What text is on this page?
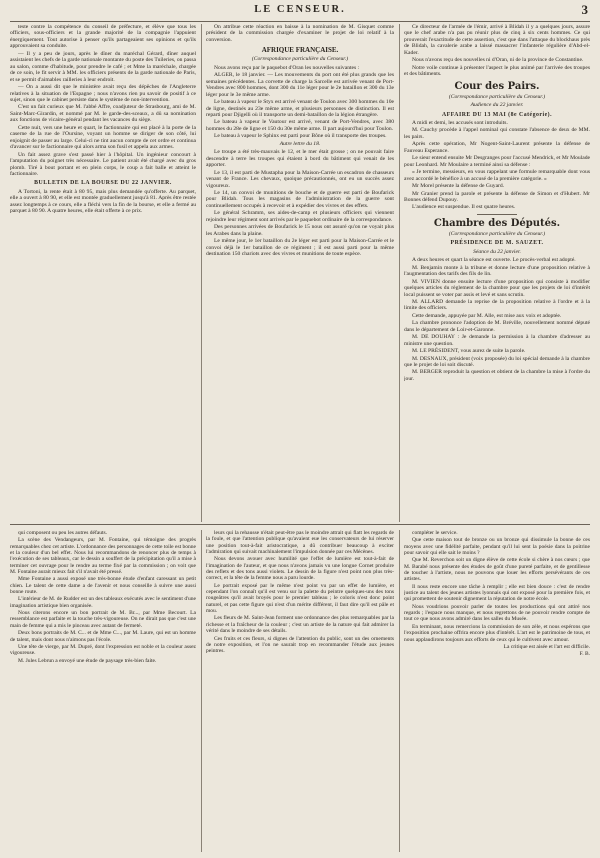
LE CENSEUR.	3

teste contre la compétence du conseil de préfecture, et élève que tous les officiers, sous-officiers et la grande majorité de la compagnie l'appuient énergiquement. Tout autorise à penser qu'ils partageaient ses opinions et qu'ils approuvaient sa conduite.

— Il y a peu de jours, après le dîner du maréchal Gérard, dîner auquel assistaient les chefs de la garde nationale montante du poste des Tuileries, on passa au salon, comme d'habitude, pour prendre le café ; et Mme la maréchale, chargée de ce soin, le fit servir à MM. les officiers présents de la garde nationale de Paris, et se permit d'aimables railleries à leur endroit.

— On a aussi dit que le ministère avait reçu des dépêches de l'Angleterre relatives à la situation de l'Espagne ; nous n'avons rien pu savoir de positif à ce sujet, sinon que le cabinet persiste dans le système de non-intervention.

C'est un fait curieux que M. l'abbé Affre, coadjuteur de Strasbourg, ami de M. Saint-Marc-Girardin, et nommé par M. le garde-des-sceaux, a dû sa nomination aux fonctions de vicaire-général pendant les vacances du siège.

Cette nuit, vers une heure et quart, le factionnaire qui est placé à la porte de la caserne de la rue de l'Oursine, voyant un homme se diriger de son côté, lui enjoignit de passer au large. Celui-ci ne tint aucun compte de cet ordre et continua d'avancer sur le factionnaire qui alors arma son fusil et appela aux armes.

Un fait assez grave s'est passé hier à l'hôpital. Un ingénieur concourt à l'amputation du poignet très nécessaire. Le patient avait été chargé avec du gros plomb. Tiré à bout portant et en plein corps, le coup a fait balle et atteint le factionnaire.

BULLETIN DE LA BOURSE DU 22 JANVIER.

A Tortoni, la rente était à 80 95, mais plus demandée qu'offerte. Au parquet, elle a ouvert à 80 90, et elle est montée graduellement jusqu'à 81. Après être restée assez longtemps à ce cours, elle a fléchi vers la fin de la bourse, et elle a fermé au parquet à 80 90. A quatre heures, elle était offerte à ce prix.

On attribue cette réaction en baisse à la nomination de M. Gisquet comme président de la commission chargée d'examiner le projet de loi relatif à la conversion.

AFRIQUE FRANÇAISE.
(Correspondance particulière du Censeur.)

Nous avons reçu par le paquebot d'Oran les nouvelles suivantes :

ALGER, le 18 janvier. — Les mouvements du port ont été plus grands que les semaines précédentes. La corvette de charge la Sarcelle est arrivée venant de Port-Vendres avec 800 hommes, dont 300 du 11e léger pour le 2e bataillon et 300 du 13e léger pour le 3e même arme.

Le bateau à vapeur le Styx est arrivé venant de Toulon avec 300 hommes du 10e de ligne, destinés au 23e même arme, et plusieurs personnes de distinction. Il est reparti pour Djigelli où il transporte un demi-bataillon de la légion étrangère.

Le bateau à vapeur le Vautour est arrivé, venant de Port-Vendres, avec 380 hommes du 28e de ligne et 150 du 30e même arme. Il part aujourd'hui pour Toulon.

Le bateau à vapeur le Sphinx est parti pour Bône où il transporte des troupes.

Autre lettre du 18.

Le troupe a été très-mauvais le 12, et le mer était grosse ; on ne pouvait faire descendre à terre les troupes qui étaient à bord du bâtiment qui venait de les apporter.

Le 13, il est parti de Mustapha pour la Maison-Carrée un escadron de chasseurs venant de France. Les chevaux, quoique précautionnés, ont eu un succès assez vigoureux.

Le 14, un convoi de munitions de bouche et de guerre est parti de Boufarick pour Blidah. Tous les magasins de l'administration de la guerre sont continuellement occupés à recevoir et à expédier des vivres et des effets.

Le général Schramm, ses aides-de-camp et plusieurs officiers qui viennent rejoindre leur régiment sont arrivés par le paquebot ordinaire de la correspondance.

Des personnes arrivées de Boufarick le 15 nous ont assuré qu'on ne voyait plus les Arabes dans la plaine.

Le même jour, le 1er bataillon du 2e léger est parti pour la Maison-Carrée et le convoi déjà le 1er bataillon de ce régiment ; il est aussi parti pour la même destination 150 chariots avec des vivres et munitions de toute espèce.

Ce directeur de l'armée de l'émir, arrivé à Blidah il y a quelques jours, assure que le chef arabe n'a pas pu réunir plus de cinq à six cents hommes. Ce qui prouverait l'exactitude de cette assertion, c'est que dans l'attaque du blockhaus près de Blidah, la cavalerie arabe a laissé massacrer l'infanterie régulière d'Abd-el-Kader.

Nous n'avons reçu des nouvelles ni d'Oran, ni de la province de Constantine.

Notre voile continue à présenter l'aspect le plus animé par l'arrivée des troupes et des bâtiments.

Cour des Pairs.
(Correspondance particulière du Censeur.)
Audience du 22 janvier.
AFFAIRE DU 13 MAI (8e Catégorie).

A midi et demi, les accusés sont introduits.

M. Cauchy procède à l'appel nominal qui constate l'absence de deux de MM. les pairs.

Après cette opération, Mr Nogent-Saint-Laurent présente la défense de Fauveau Esperance.

Le sieur entend ensuite Mr Desgranges pour l'accusé Mendrick, et Mr Moulade pour Leonhard. Mr Moulaire a terminé ainsi sa défense :

« Je termine, messieurs, en vous rappelant une formule remarquable dont vous avez accordé le bénéfice à un accusé de la première catégorie. »

Mr Morel présente la défense de Guyard.

Mr Granier prend la parole et présente la défense de Simon et d'Hubert. Mr Bonnes défend Dupouy.

L'audience est suspendue. Il est quatre heures.

Chambre des Députés.
(Correspondance particulière du Censeur.)
PRÉSIDENCE DE M. SAUZET.
Séance du 22 janvier.

A deux heures et quart la séance est ouverte. Le procès-verbal est adopté.

M. Benjamin monte à la tribune et donne lecture d'une proposition relative à l'augmentation des tarifs des fils de lin.

M. VIVIEN donne ensuite lecture d'une proposition qui consiste à modifier quelques articles du règlement de la chambre pour que les projets de loi d'intérêt local puissent se voter par assis et levé et sans scrutin.

M. ALLARD demande la reprise de la proposition relative à l'ordre et à la limite des officiers.

Cette demande, appuyée par M. Alle, est mise aux voix et adoptée.

La chambre prononce l'adoption de M. Bréville, nouvellement nommé député dans le département de Loir-et-Garonne.

M. DE DOUHAY : Je demande la permission à la chambre d'adresser au ministre une question.

M. LE PRÉSIDENT, vous aurez de suite la parole.

M. DESNAUX, président (voix proposée) du loi spécial demande à la chambre que le projet de loi soit discuté.

M. BERGER reproduit la question et obtient de la chambre la mise à l'ordre du jour.

qui composent ou peu les autres défauts.

La scène des Vendangeurs, par M. Fontaine, qui témoigne des progrès remarquables chez cet artiste. L'ordonnance des personnages de cette toile est bonne et la couleur d'un bel effet. Nous lui recommandons de renoncer plus de temps à l'exécution de ses tableaux, car le dessin a souffert de la précipitation qu'il a mise à terminer cet ouvrage pour le rendre au terme fixé par la commission ; on voit que M. Fontaine aurait mieux fait s'il n'avait été pressé.

Mme Fontaine a aussi exposé une très-bonne étude d'enfant caressant un petit chien. Le talent de cette dame a de l'avenir et nous conseille à suivre une aussi bonne route.

L'intérieur de M. de Rudder est un des tableaux exécutés avec le sentiment d'une imagination artistique bien organisée.

Nous citerons encore un bon portrait de M. Br..., par Mme Becourt. La ressemblance est parfaite et la touche très-vigoureuse. On ne dirait pas que c'est une main de femme qui a mis le pinceau avec autant de fermeté.

Deux bons portraits de M. C... et de Mme C..., par M. Laure, qui est un homme de talent, mais dont nous n'aimons pas l'école.

Une tête de vierge, par M. Dupré, dont l'expression est noble et la couleur assez vigoureuse.

M. Jules Lebrun a envoyé une étude de paysage très-bien faite.

leurs qui la rehausse n'était peut-être pas le moindre attrait qui flatt les regards de la foule, et que l'attention publique qu'avaient eue les conservateurs de lui réserver une position tout-à-fait aristocratique, a dû contribuer beaucoup à exciter l'admiration qui suivait machinalement l'impulsion donnée par ces Mécènes.

Nous devons avouer avec humilité que l'effet de lumière est tout-à-fait de l'imagination de l'auteur, et que nous n'avons jamais vu une longue Cornet produire des reflets et des tons aussi violets. Le dessin de la figure n'est point non plus très-correct, et la tête de la femme nous a paru lourde.

Le portrait exposé par le même n'est point vu par un effet de lumière, et cependant l'on connaît qu'il est venu sur la palette du peintre quelques-uns des tons rougeâtres qu'il avait broyés pour le premier tableau ; le coloris n'est donc point naturel, et pas cette figure qui n'est d'un mérite différent, il faut dire qu'il est pâle et mou.

Les fleurs de M. Saint-Jean forment une ordonnance des plus remarquables par la richesse et la fraîcheur de la couleur ; c'est un artiste de la nature qui fait admirer la vérité dans le moindre de ses détails.

Ces fruits et ces fleurs, si dignes de l'attention du public, sont un des ornements de notre exposition, et l'on ne saurait trop en recommander l'étude aux jeunes peintres.

compléter le service.

Que cette maison tout de bronze ou un bronze qui dissimule la bonne de ces moyens avec une fidélité parfaite, pendant qu'il lui sent la poésie dans la poitrine pour savoir qui elle sait le moins ?

Que M. Reverchon soit un digne élève de cette école si chère à nos cœurs ; que M. Barabé nous présente des études de goût d'une pureté parfaite, et de gentillesse de toucher à l'artiste, nous ne pouvons que louer les efforts persévérants de ces artistes.

Il nous reste encore une tâche à remplir ; elle est bien douce : c'est de rendre justice au talent des jeunes artistes lyonnais qui ont exposé pour la première fois, et qui promettent de soutenir dignement la réputation de notre école.

Nous voudrions pouvoir parler de toutes les productions qui ont attiré nos regards ; l'espace nous manque, et nous regrettons de ne pouvoir rendre compte de tout ce que nous avons admiré dans les salles du Musée.

En terminant, nous remercions la commission de son zèle, et nous espérons que l'exposition prochaine offrira encore plus d'intérêt. L'art est le patrimoine de tous, et nous applaudirons toujours aux efforts de ceux qui le cultivent avec amour.

La critique est aisée et l'art est difficile.

F. B.
